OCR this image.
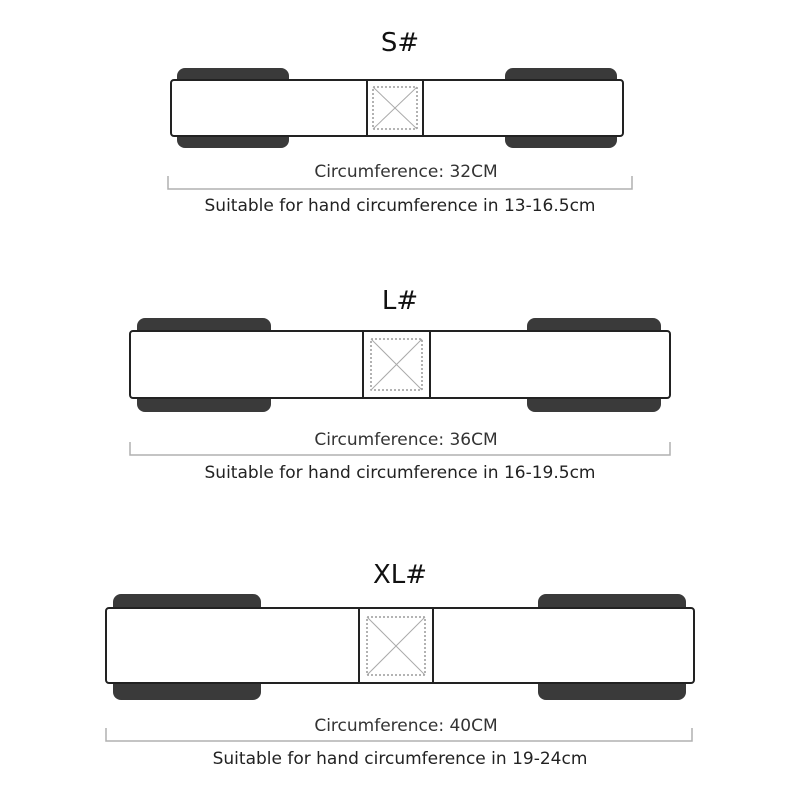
S#
Circumference: 32CM
Suitable for hand circumference in 13-16.5cm
L#
Circumference: 36CM
Suitable for hand circumference in 16-19.5cm
XL#
Circumference: 40CM
Suitable for hand circumference in 19-24cm
